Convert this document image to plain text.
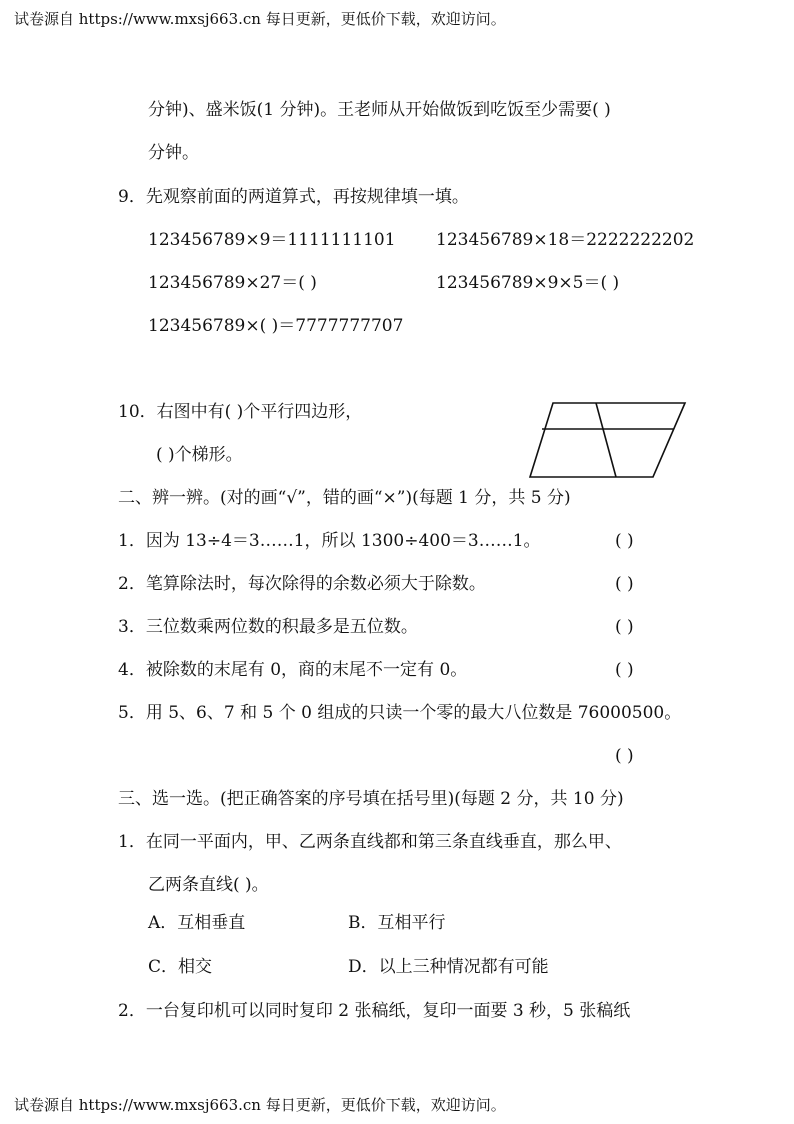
试卷源自 https://www.mxsj663.cn 每日更新，更低价下载，欢迎访问。
试卷源自 https://www.mxsj663.cn 每日更新，更低价下载，欢迎访问。
分钟)、盛米饭(1 分钟)。王老师从开始做饭到吃饭至少需要( )
分钟。
9．先观察前面的两道算式，再按规律填一填。
123456789×9＝1111111101 123456789×18＝2222222202
123456789×27＝( )	123456789×9×5＝( )
123456789×( )＝7777777707
10．右图中有( )个平行四边形，
( )个梯形。
二、辨一辨。(对的画“√”，错的画“×”)(每题 1 分，共 5 分)
1．因为 13÷4＝3……1，所以 1300÷400＝3……1。	( )
2．笔算除法时，每次除得的余数必须大于除数。	( )
3．三位数乘两位数的积最多是五位数。	( )
4．被除数的末尾有 0，商的末尾不一定有 0。	( )
5．用 5、6、7 和 5 个 0 组成的只读一个零的最大八位数是 76000500。
( )
三、选一选。(把正确答案的序号填在括号里)(每题 2 分，共 10 分)
1．在同一平面内，甲、乙两条直线都和第三条直线垂直，那么甲、
乙两条直线( )。
A．互相垂直	B．互相平行
C．相交	D．以上三种情况都有可能
2．一台复印机可以同时复印 2 张稿纸，复印一面要 3 秒，5 张稿纸
